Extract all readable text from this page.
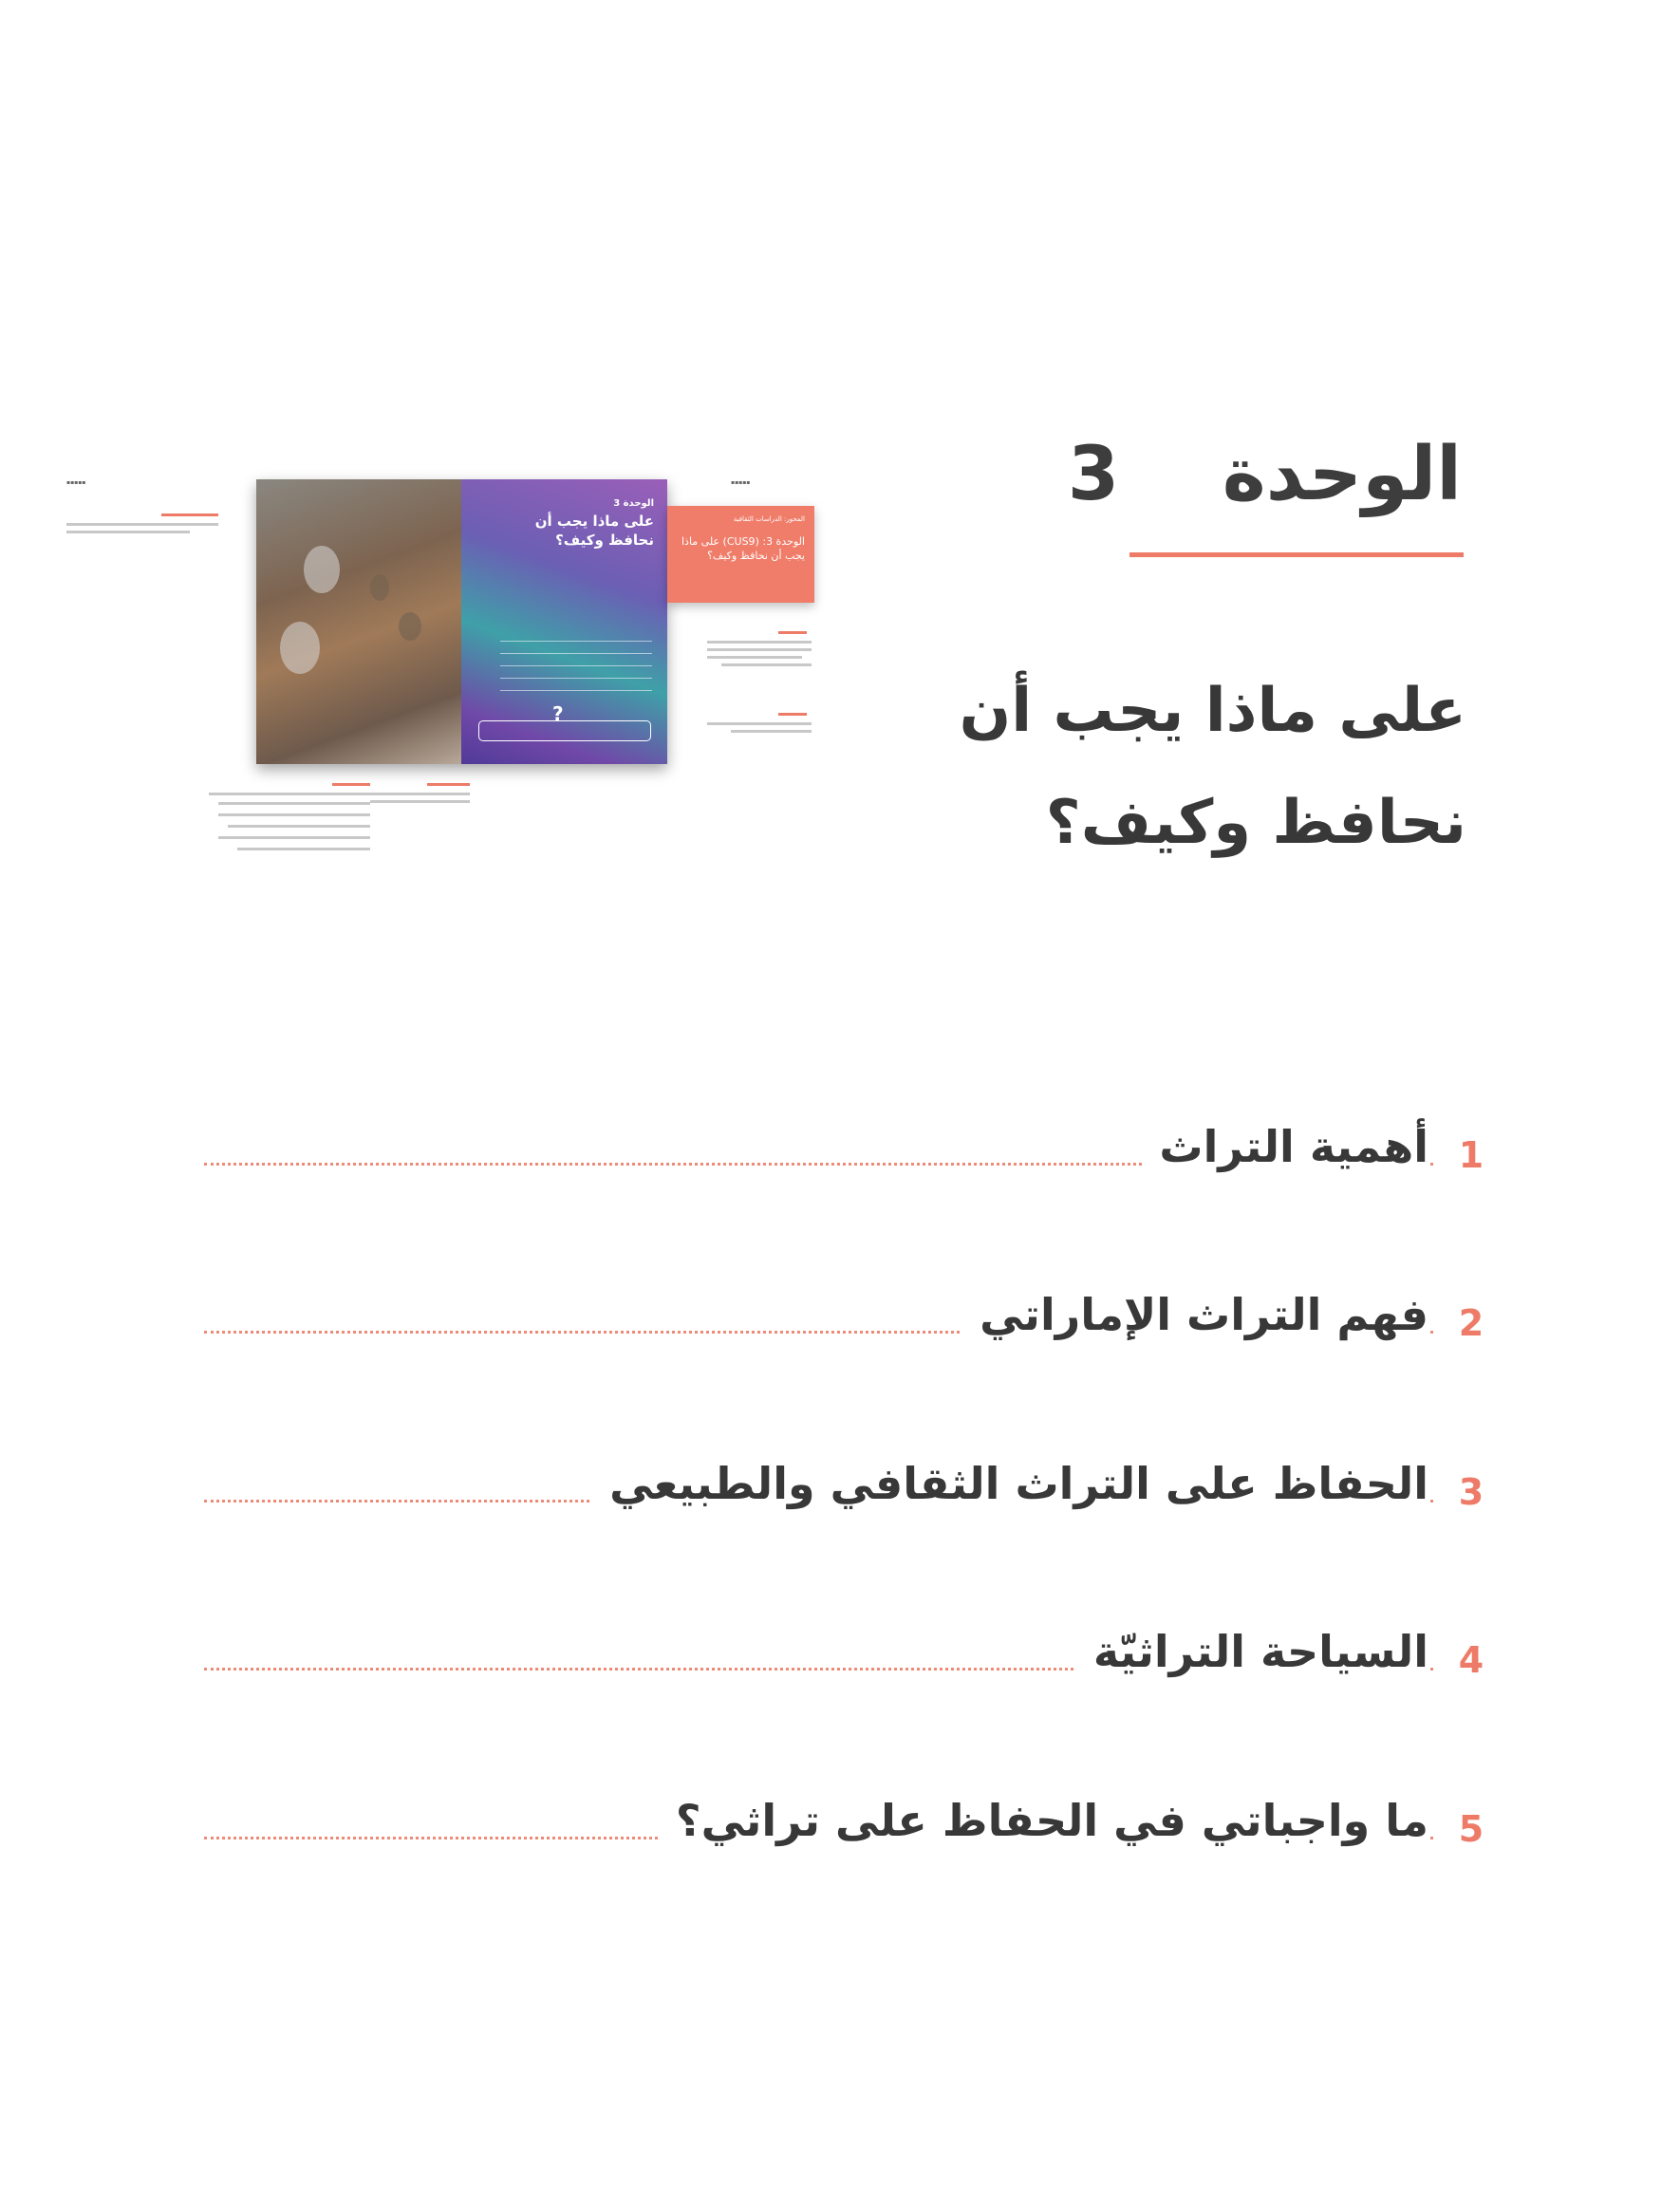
الوحدة    3
على ماذا يجب أن
نحافظ وكيف؟
▪▪▪▪▪	▪▪▪▪▪
الوحدة 3
على ماذا يجب أن نحافظ وكيف؟
?
المحور: الدراسات الثقافية
الوحدة 3: (CUS9) على ماذا يجب أن نحافظ وكيف؟
أهمية التراث 1
فهم التراث الإماراتي 2
الحفاظ على التراث الثقافي والطبيعي 3
السياحة التراثيّة 4
ما واجباتي في الحفاظ على تراثي؟ 5
